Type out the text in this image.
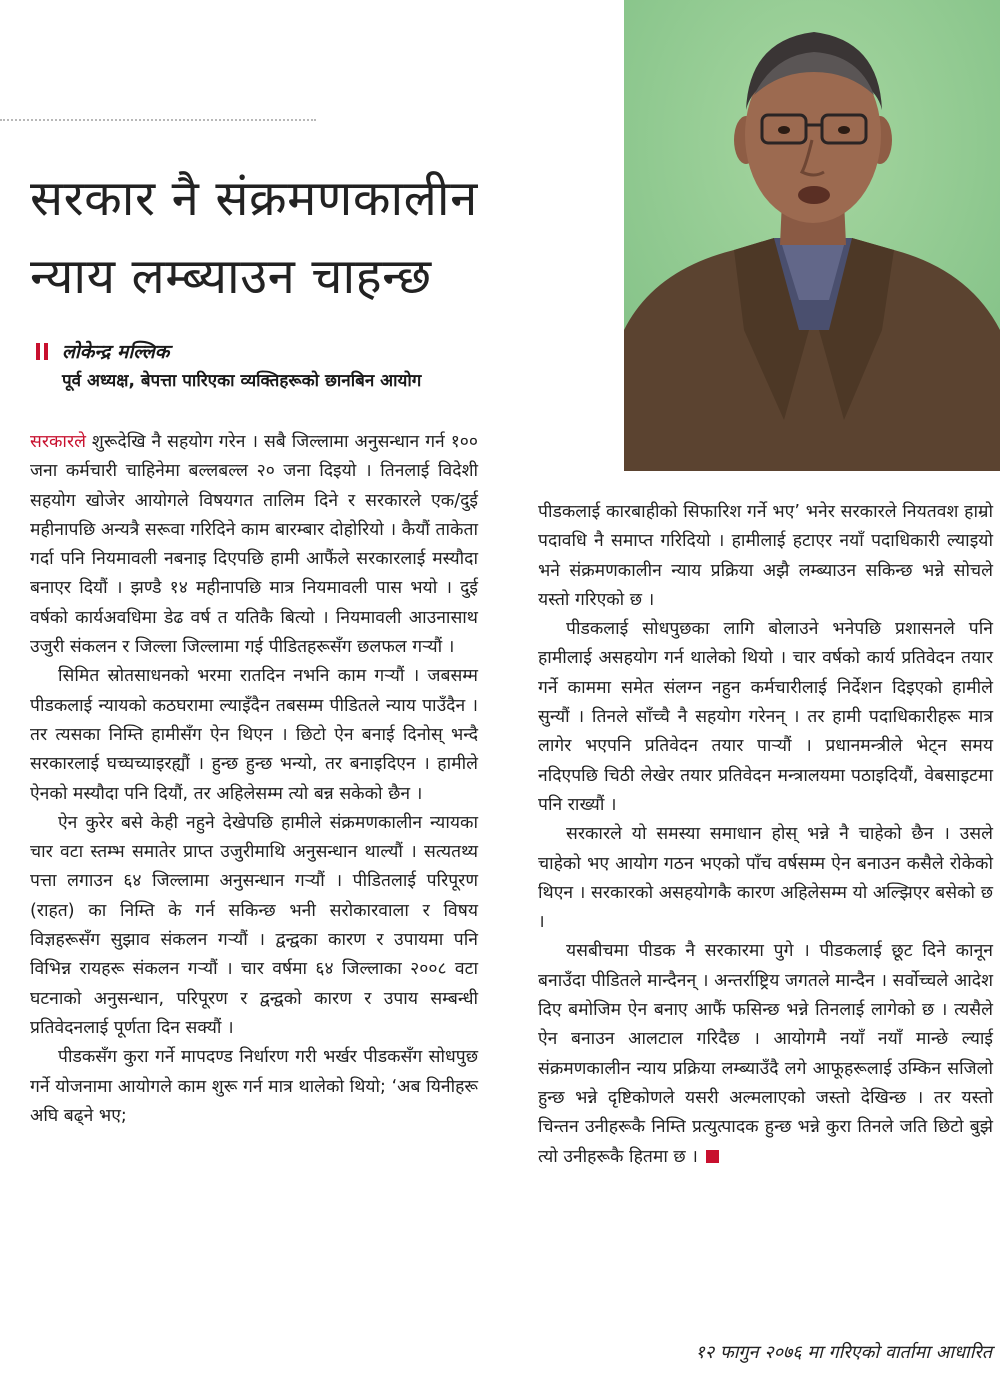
सरकार नै संक्रमणकालीन
न्याय लम्ब्याउन चाहन्छ
लोकेन्द्र मल्लिक
पूर्व अध्यक्ष, बेपत्ता पारिएका व्यक्तिहरूको छानबिन आयोग

सरकारले शुरूदेखि नै सहयोग गरेन । सबै जिल्लामा अनुसन्धान गर्न १०० जना कर्मचारी चाहिनेमा बल्लबल्ल २० जना दिइयो । तिनलाई विदेशी सहयोग खोजेर आयोगले विषयगत तालिम दिने र सरकारले एक/दुई महीनापछि अन्यत्रै सरूवा गरिदिने काम बारम्बार दोहोरियो । कैयौं ताकेता गर्दा पनि नियमावली नबनाइ दिएपछि हामी आफैंले सरकारलाई मस्यौदा बनाएर दियौं । झण्डै १४ महीनापछि मात्र नियमावली पास भयो । दुई वर्षको कार्यअवधिमा डेढ वर्ष त यतिकै बित्यो । नियमावली आउनासाथ उजुरी संकलन र जिल्ला जिल्लामा गई पीडितहरूसँग छलफल गऱ्यौं ।

सिमित स्रोतसाधनको भरमा रातदिन नभनि काम गऱ्यौं । जबसम्म पीडकलाई न्यायको कठघरामा ल्याइँदैन तबसम्म पीडितले न्याय पाउँदैन । तर त्यसका निम्ति हामीसँग ऐन थिएन । छिटो ऐन बनाई दिनोस् भन्दै सरकारलाई घच्घच्याइरह्यौं । हुन्छ हुन्छ भन्यो, तर बनाइदिएन । हामीले ऐनको मस्यौदा पनि दियौं, तर अहिलेसम्म त्यो बन्न सकेको छैन ।

ऐन कुरेर बसे केही नहुने देखेपछि हामीले संक्रमणकालीन न्यायका चार वटा स्तम्भ समातेर प्राप्त उजुरीमाथि अनुसन्धान थाल्यौं । सत्यतथ्य पत्ता लगाउन ६४ जिल्लामा अनुसन्धान गऱ्यौं । पीडितलाई परिपूरण (राहत) का निम्ति के गर्न सकिन्छ भनी सरोकारवाला र विषय विज्ञहरूसँग सुझाव संकलन गऱ्यौं । द्वन्द्वका कारण र उपायमा पनि विभिन्न रायहरू संकलन गऱ्यौं । चार वर्षमा ६४ जिल्लाका २००८ वटा घटनाको अनुसन्धान, परिपूरण र द्वन्द्वको कारण र उपाय सम्बन्धी प्रतिवेदनलाई पूर्णता दिन सक्यौं ।

पीडकसँग कुरा गर्ने मापदण्ड निर्धारण गरी भर्खर पीडकसँग सोधपुछ गर्ने योजनामा आयोगले काम शुरू गर्न मात्र थालेको थियो; ‘अब यिनीहरू अघि बढ्ने भए;

पीडकलाई कारबाहीको सिफारिश गर्ने भए’ भनेर सरकारले नियतवश हाम्रो पदावधि नै समाप्त गरिदियो । हामीलाई हटाएर नयाँ पदाधिकारी ल्याइयो भने संक्रमणकालीन न्याय प्रक्रिया अझै लम्ब्याउन सकिन्छ भन्ने सोचले यस्तो गरिएको छ ।

पीडकलाई सोधपुछका लागि बोलाउने भनेपछि प्रशासनले पनि हामीलाई असहयोग गर्न थालेको थियो । चार वर्षको कार्य प्रतिवेदन तयार गर्ने काममा समेत संलग्न नहुन कर्मचारीलाई निर्देशन दिइएको हामीले सुन्यौं । तिनले साँच्चै नै सहयोग गरेनन् । तर हामी पदाधिकारीहरू मात्र लागेर भएपनि प्रतिवेदन तयार पाऱ्यौं । प्रधानमन्त्रीले भेट्न समय नदिएपछि चिठी लेखेर तयार प्रतिवेदन मन्त्रालयमा पठाइदियौं, वेबसाइटमा पनि राख्यौं ।

सरकारले यो समस्या समाधान होस् भन्ने नै चाहेको छैन । उसले चाहेको भए आयोग गठन भएको पाँच वर्षसम्म ऐन बनाउन कसैले रोकेको थिएन । सरकारको असहयोगकै कारण अहिलेसम्म यो अल्झिएर बसेको छ ।

यसबीचमा पीडक नै सरकारमा पुगे । पीडकलाई छूट दिने कानून बनाउँदा पीडितले मान्दैनन् । अन्तर्राष्ट्रिय जगतले मान्दैन । सर्वोच्चले आदेश दिए बमोजिम ऐन बनाए आफैं फसिन्छ भन्ने तिनलाई लागेको छ । त्यसैले ऐन बनाउन आलटाल गरिदैछ । आयोगमै नयाँ नयाँ मान्छे ल्याई संक्रमणकालीन न्याय प्रक्रिया लम्ब्याउँदै लगे आफूहरूलाई उम्किन सजिलो हुन्छ भन्ने दृष्टिकोणले यसरी अल्मलाएको जस्तो देखिन्छ । तर यस्तो चिन्तन उनीहरूकै निम्ति प्रत्युत्पादक हुन्छ भन्ने कुरा तिनले जति छिटो बुझे त्यो उनीहरूकै हितमा छ ।

१२ फागुन २०७६ मा गरिएको वार्तामा आधारित
